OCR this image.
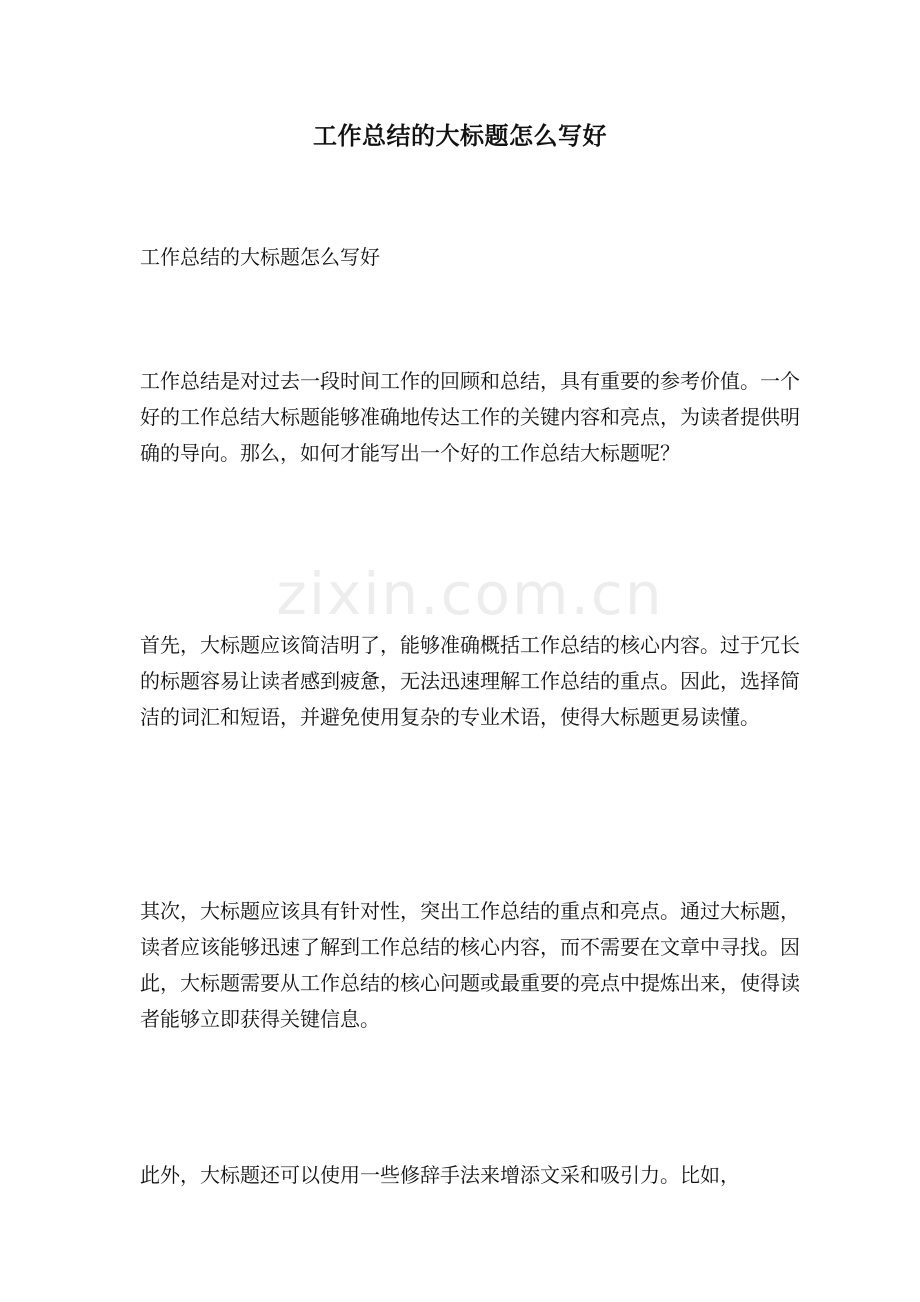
zixin.com.cn
工作总结的大标题怎么写好
工作总结的大标题怎么写好
工作总结是对过去一段时间工作的回顾和总结，具有重要的参考价值。一个好的工作总结大标题能够准确地传达工作的关键内容和亮点，为读者提供明确的导向。那么，如何才能写出一个好的工作总结大标题呢？
首先，大标题应该简洁明了，能够准确概括工作总结的核心内容。过于冗长的标题容易让读者感到疲惫，无法迅速理解工作总结的重点。因此，选择简洁的词汇和短语，并避免使用复杂的专业术语，使得大标题更易读懂。
其次，大标题应该具有针对性，突出工作总结的重点和亮点。通过大标题，读者应该能够迅速了解到工作总结的核心内容，而不需要在文章中寻找。因此，大标题需要从工作总结的核心问题或最重要的亮点中提炼出来，使得读者能够立即获得关键信息。
此外，大标题还可以使用一些修辞手法来增添文采和吸引力。比如，
